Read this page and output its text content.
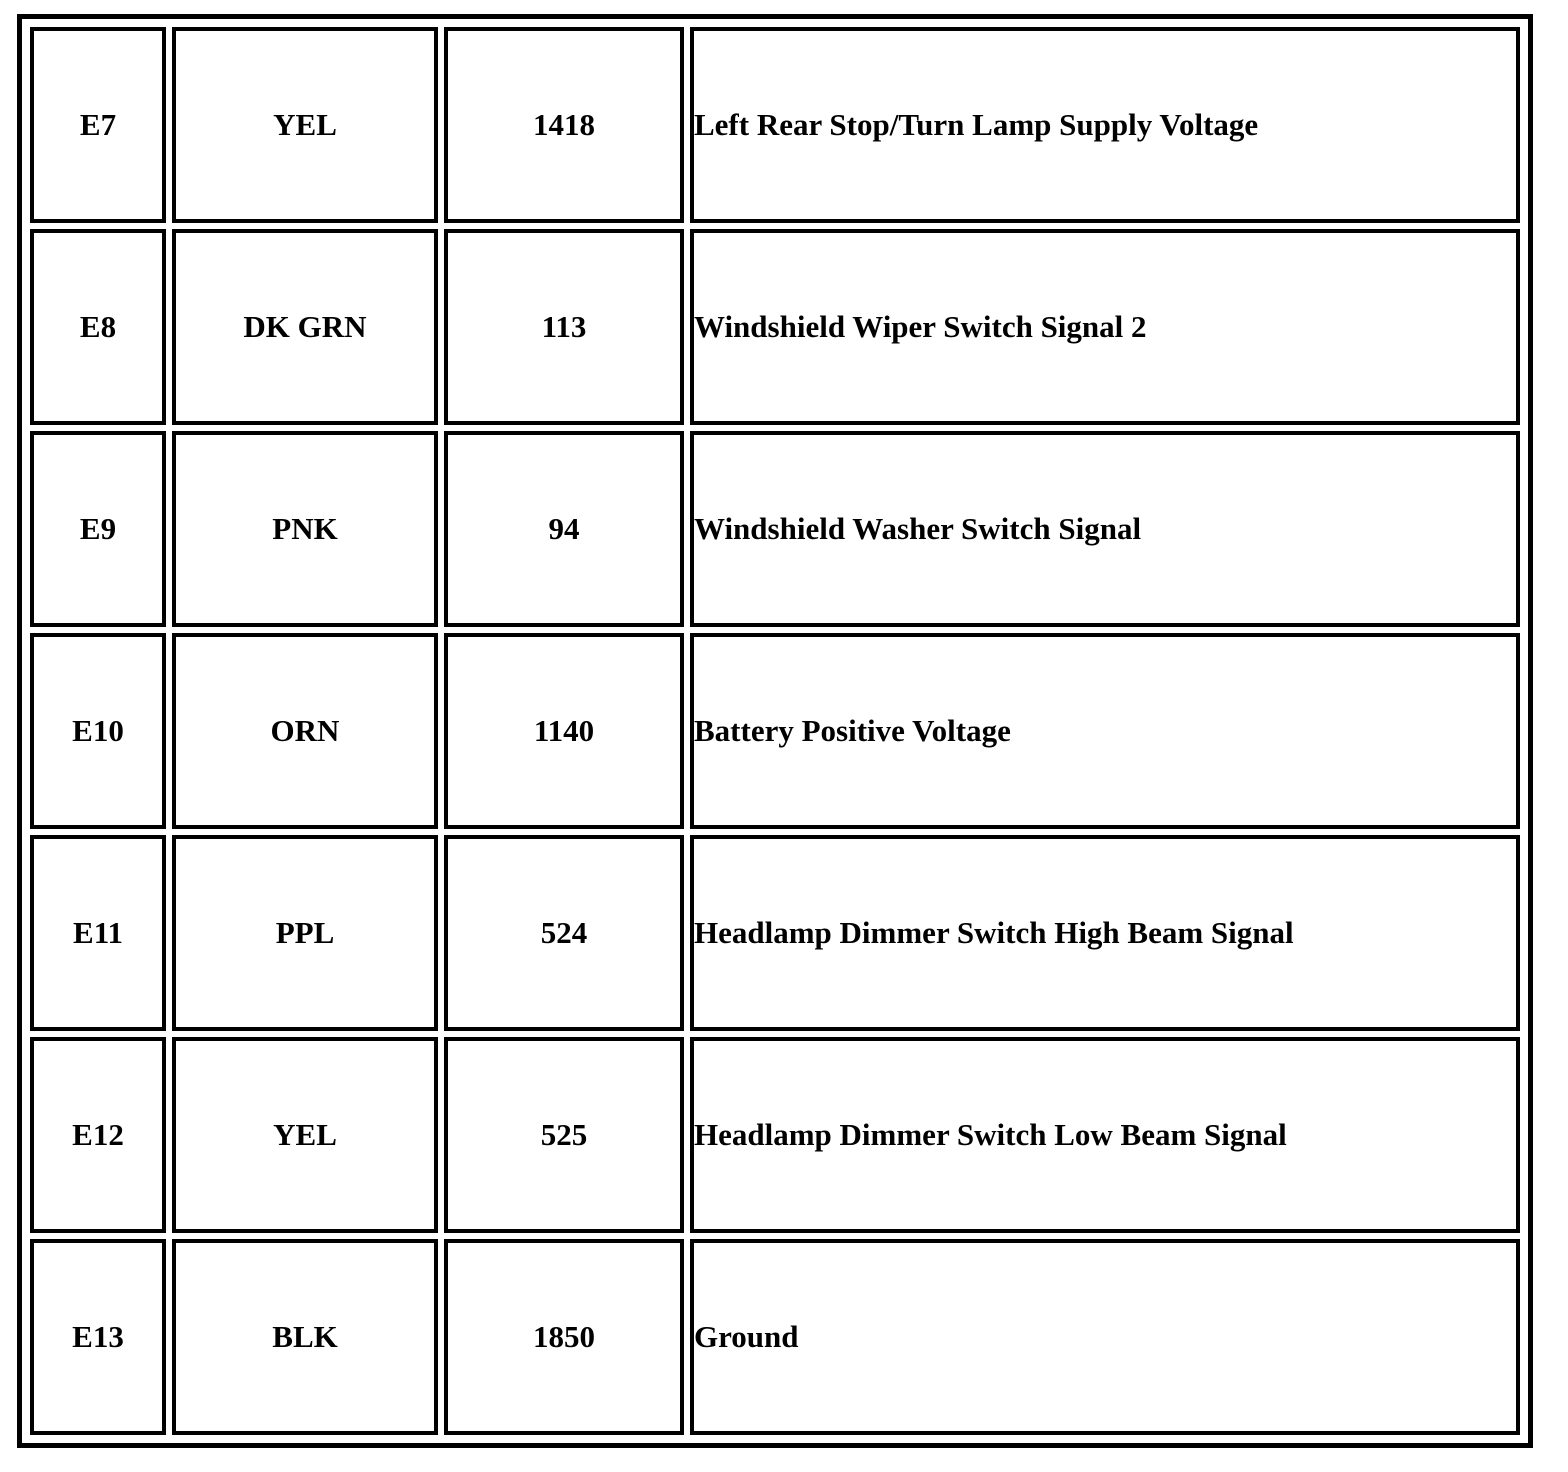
E7	YEL	1418	Left Rear Stop/Turn Lamp Supply Voltage
E8	DK GRN	113	Windshield Wiper Switch Signal 2
E9	PNK	94	Windshield Washer Switch Signal
E10	ORN	1140	Battery Positive Voltage
E11	PPL	524	Headlamp Dimmer Switch High Beam Signal
E12	YEL	525	Headlamp Dimmer Switch Low Beam Signal
E13	BLK	1850	Ground
